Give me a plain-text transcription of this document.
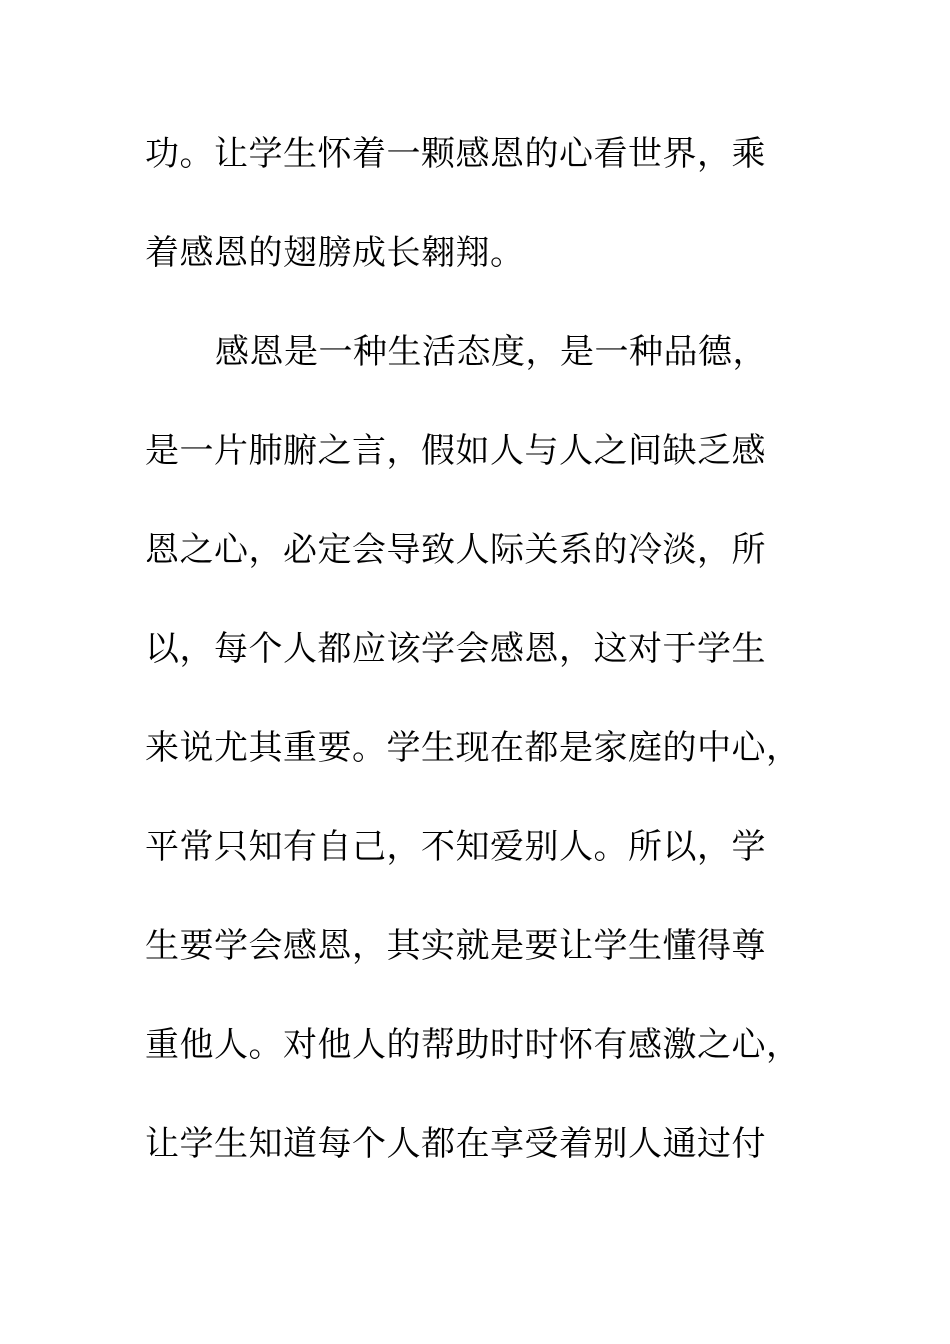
功。让学生怀着一颗感恩的心看世界，乘
着感恩的翅膀成长翱翔。
感恩是一种生活态度，是一种品德，
是一片肺腑之言，假如人与人之间缺乏感
恩之心，必定会导致人际关系的冷淡，所
以，每个人都应该学会感恩，这对于学生
来说尤其重要。学生现在都是家庭的中心，
平常只知有自己，不知爱别人。所以，学
生要学会感恩，其实就是要让学生懂得尊
重他人。对他人的帮助时时怀有感激之心，
让学生知道每个人都在享受着别人通过付
